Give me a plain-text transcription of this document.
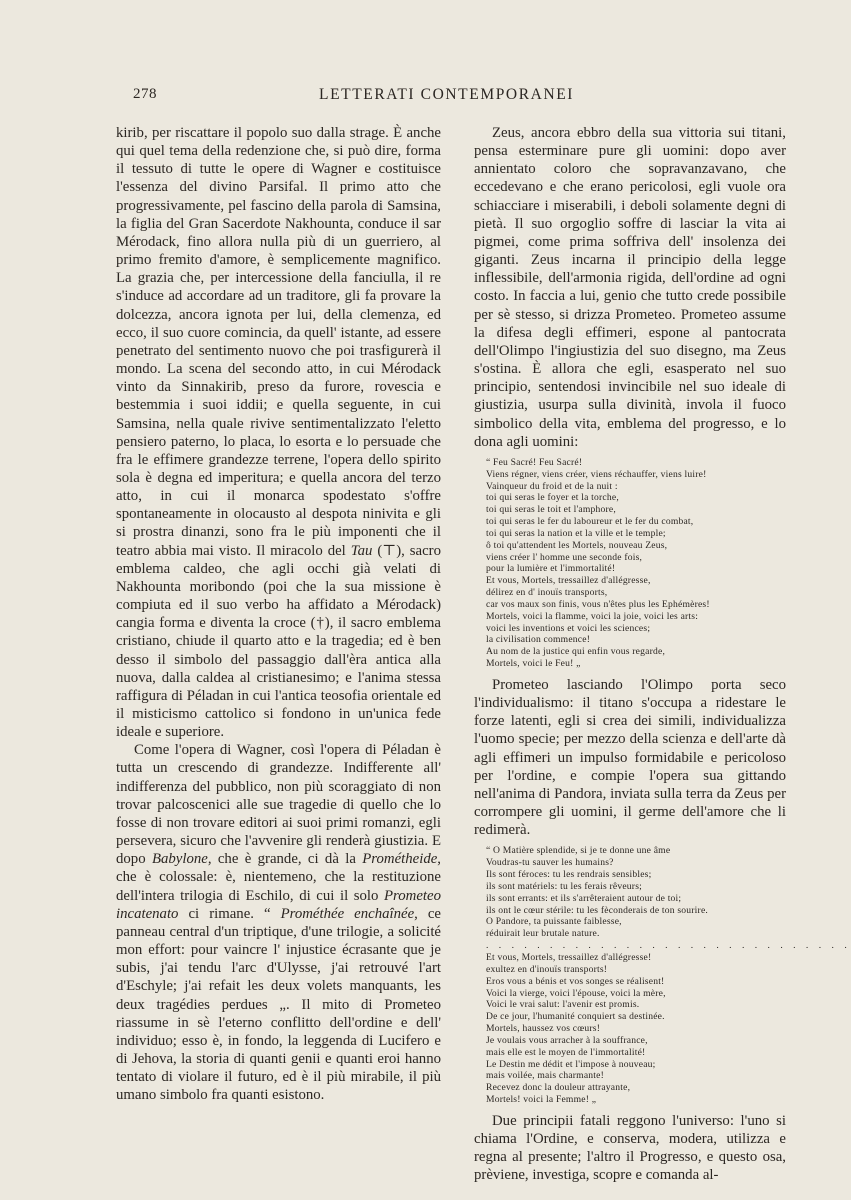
278	LETTERATI CONTEMPORANEI

kirib, per riscattare il popolo suo dalla strage. È anche qui quel tema della redenzione che, si può dire, forma il tessuto di tutte le opere di Wagner e costituisce l'essenza del divino Parsifal. Il primo atto che progressivamente, pel fascino della parola di Samsina, la figlia del Gran Sacerdote Nakhounta, conduce il sar Mérodack, fino allora nulla più di un guerriero, al primo fremito d'amore, è semplicemente magnifico. La grazia che, per intercessione della fanciulla, il re s'induce ad accordare ad un traditore, gli fa provare la dolcezza, ancora ignota per lui, della clemenza, ed ecco, il suo cuore comincia, da quell' istante, ad essere penetrato del sentimento nuovo che poi trasfigurerà il mondo. La scena del secondo atto, in cui Mérodack vinto da Sinnakirib, preso da furore, rovescia e bestemmia i suoi iddii; e quella seguente, in cui Samsina, nella quale rivive sentimentalizzato l'eletto pensiero paterno, lo placa, lo esorta e lo persuade che fra le effimere grandezze terrene, l'opera dello spirito sola è degna ed imperitura; e quella ancora del terzo atto, in cui il monarca spodestato s'offre spontaneamente in olocausto al despota ninivita e gli si prostra dinanzi, sono fra le più imponenti che il teatro abbia mai visto. Il miracolo del Tau (⊤), sacro emblema caldeo, che agli occhi già velati di Nakhounta moribondo (poi che la sua missione è compiuta ed il suo verbo ha affidato a Mérodack) cangia forma e diventa la croce (†), il sacro emblema cristiano, chiude il quarto atto e la tragedia; ed è ben desso il simbolo del passaggio dall'èra antica alla nuova, dalla caldea al cristianesimo; e l'anima stessa raffigura di Péladan in cui l'antica teosofia orientale ed il misticismo cattolico si fondono in un'unica fede ideale e superiore.

Come l'opera di Wagner, così l'opera di Péladan è tutta un crescendo di grandezze. Indifferente all' indifferenza del pubblico, non più scoraggiato di non trovar palcoscenici alle sue tragedie di quello che lo fosse di non trovare editori ai suoi primi romanzi, egli persevera, sicuro che l'avvenire gli renderà giustizia. E dopo Babylone, che è grande, ci dà la Prométheide, che è colossale: è, nientemeno, che la restituzione dell'intera trilogia di Eschilo, di cui il solo Prometeo incatenato ci rimane. “ Prométhée enchaînée, ce panneau central d'un triptique, d'une trilogie, a solicité mon effort: pour vaincre l' injustice écrasante que je subis, j'ai tendu l'arc d'Ulysse, j'ai retrouvé l'art d'Eschyle; j'ai refait les deux volets manquants, les deux tragédies perdues „. Il mito di Prometeo riassume in sè l'eterno conflitto dell'ordine e dell' individuo; esso è, in fondo, la leggenda di Lucifero e di Jehova, la storia di quanti genii e quanti eroi hanno tentato di violare il futuro, ed è il più mirabile, il più umano simbolo fra quanti esistono.

Zeus, ancora ebbro della sua vittoria sui titani, pensa esterminare pure gli uomini: dopo aver annientato coloro che sopravanzavano, che eccedevano e che erano pericolosi, egli vuole ora schiacciare i miserabili, i deboli solamente degni di pietà. Il suo orgoglio soffre di lasciar la vita ai pigmei, come prima soffriva dell' insolenza dei giganti. Zeus incarna il principio della legge inflessibile, dell'armonia rigida, dell'ordine ad ogni costo. In faccia a lui, genio che tutto crede possibile per sè stesso, si drizza Prometeo. Prometeo assume la difesa degli effimeri, espone al pantocrata dell'Olimpo l'ingiustizia del suo disegno, ma Zeus s'ostina. È allora che egli, esasperato nel suo principio, sentendosi invincibile nel suo ideale di giustizia, usurpa sulla divinità, invola il fuoco simbolico della vita, emblema del progresso, e lo dona agli uomini:

“ Feu Sacré! Feu Sacré!
Viens régner, viens créer, viens réchauffer, viens luire!
Vainqueur du froid et de la nuit :
toi qui seras le foyer et la torche,
toi qui seras le toit et l'amphore,
toi qui seras le fer du laboureur et le fer du combat,
toi qui seras la nation et la ville et le temple;
ô toi qu'attendent les Mortels, nouveau Zeus,
viens créer l' homme une seconde fois,
pour la lumière et l'immortalité!
Et vous, Mortels, tressaillez d'allégresse,
délirez en d' inouïs transports,
car vos maux son finis, vous n'êtes plus les Ephémères!
Mortels, voici la flamme, voici la joie, voici les arts:
voici les inventions et voici les sciences;
la civilisation commence!
Au nom de la justice qui enfin vous regarde,
Mortels, voici le Feu! „

Prometeo lasciando l'Olimpo porta seco l'individualismo: il titano s'occupa a ridestare le forze latenti, egli si crea dei simili, individualizza l'uomo specie; per mezzo della scienza e dell'arte dà agli effimeri un impulso formidabile e pericoloso per l'ordine, e compie l'opera sua gittando nell'anima di Pandora, inviata sulla terra da Zeus per corrompere gli uomini, il germe dell'amore che li redimerà.

“ O Matière splendide, si je te donne une âme
Voudras-tu sauver les humains?
Ils sont féroces: tu les rendrais sensibles;
ils sont matériels: tu les ferais rêveurs;
ils sont errants: et ils s'arrêteraient autour de toi;
ils ont le cœur stérile: tu les fèconderais de ton sourire.
O Pandore, ta puissante faiblesse,
réduirait leur brutale nature.
. . . . . . . . . . . . . . . . . . . . . . . . . . . . .
Et vous, Mortels, tressaillez d'allégresse!
exultez en d'inouïs transports!
Eros vous a bénis et vos songes se réalisent!
Voici la vierge, voici l'épouse, voici la mère,
Voici le vrai salut: l'avenir est promis.
De ce jour, l'humanité conquiert sa destinée.
Mortels, haussez vos cœurs!
Je voulais vous arracher à la souffrance,
mais elle est le moyen de l'immortalité!
Le Destin me dédit et l'impose à nouveau;
mais voilée, mais charmante!
Recevez donc la douleur attrayante,
Mortels! voici la Femme! „

Due principii fatali reggono l'universo: l'uno si chiama l'Ordine, e conserva, modera, utilizza e regna al presente; l'altro il Progresso, e questo osa, prèviene, investiga, scopre e comanda al-
